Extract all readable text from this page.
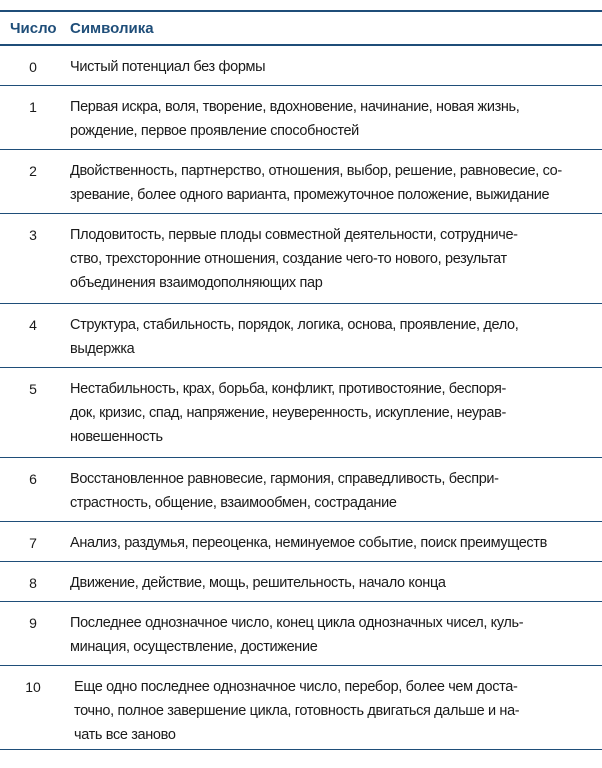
Число Символика
0	Чистый потенциал без формы
1	Первая искра, воля, творение, вдохновение, начинание, новая жизнь,
рождение, первое проявление способностей
2	Двойственность, партнерство, отношения, выбор, решение, равновесие, со-
зревание, более одного варианта, промежуточное положение, выжидание
3	Плодовитость, первые плоды совместной деятельности, сотрудниче-
ство, трехсторонние отношения, создание чего-то нового, результат
объединения взаимодополняющих пар
4	Структура, стабильность, порядок, логика, основа, проявление, дело,
выдержка
5	Нестабильность, крах, борьба, конфликт, противостояние, беспоря-
док, кризис, спад, напряжение, неуверенность, искупление, неурав-
новешенность
6	Восстановленное равновесие, гармония, справедливость, беспри-
страстность, общение, взаимообмен, сострадание
7	Анализ, раздумья, переоценка, неминуемое событие, поиск преимуществ
8	Движение, действие, мощь, решительность, начало конца
9	Последнее однозначное число, конец цикла однозначных чисел, куль-
минация, осуществление, достижение
10	Еще одно последнее однозначное число, перебор, более чем доста-
точно, полное завершение цикла, готовность двигаться дальше и на-
чать все заново
